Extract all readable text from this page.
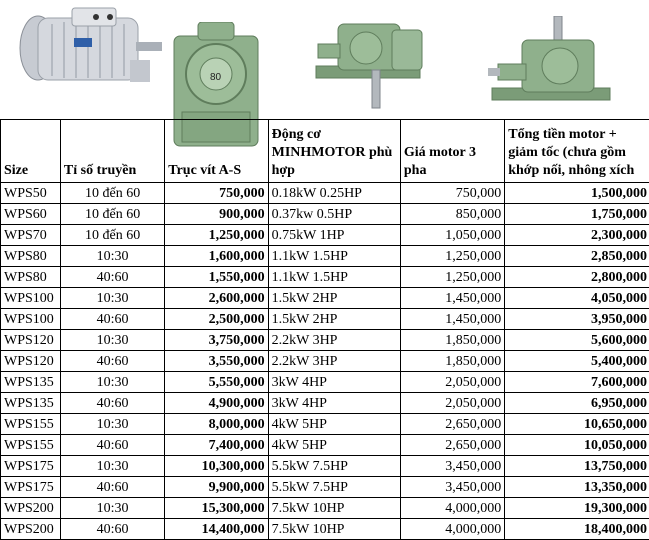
80
Size	Tỉ số truyền	Trục vít A-S	Động cơ MINHMOTOR phù hợp	Giá motor 3 pha	Tổng tiền motor + giảm tốc (chưa gồm khớp nối, nhông xích
WPS50	10 đến 60	750,000	0.18kW 0.25HP	750,000	1,500,000
WPS60	10 đến 60	900,000	0.37kw 0.5HP	850,000	1,750,000
WPS70	10 đến 60	1,250,000	0.75kW 1HP	1,050,000	2,300,000
WPS80	10:30	1,600,000	1.1kW 1.5HP	1,250,000	2,850,000
WPS80	40:60	1,550,000	1.1kW 1.5HP	1,250,000	2,800,000
WPS100	10:30	2,600,000	1.5kW 2HP	1,450,000	4,050,000
WPS100	40:60	2,500,000	1.5kW 2HP	1,450,000	3,950,000
WPS120	10:30	3,750,000	2.2kW 3HP	1,850,000	5,600,000
WPS120	40:60	3,550,000	2.2kW 3HP	1,850,000	5,400,000
WPS135	10:30	5,550,000	3kW 4HP	2,050,000	7,600,000
WPS135	40:60	4,900,000	3kW 4HP	2,050,000	6,950,000
WPS155	10:30	8,000,000	4kW 5HP	2,650,000	10,650,000
WPS155	40:60	7,400,000	4kW 5HP	2,650,000	10,050,000
WPS175	10:30	10,300,000	5.5kW 7.5HP	3,450,000	13,750,000
WPS175	40:60	9,900,000	5.5kW 7.5HP	3,450,000	13,350,000
WPS200	10:30	15,300,000	7.5kW 10HP	4,000,000	19,300,000
WPS200	40:60	14,400,000	7.5kW 10HP	4,000,000	18,400,000
